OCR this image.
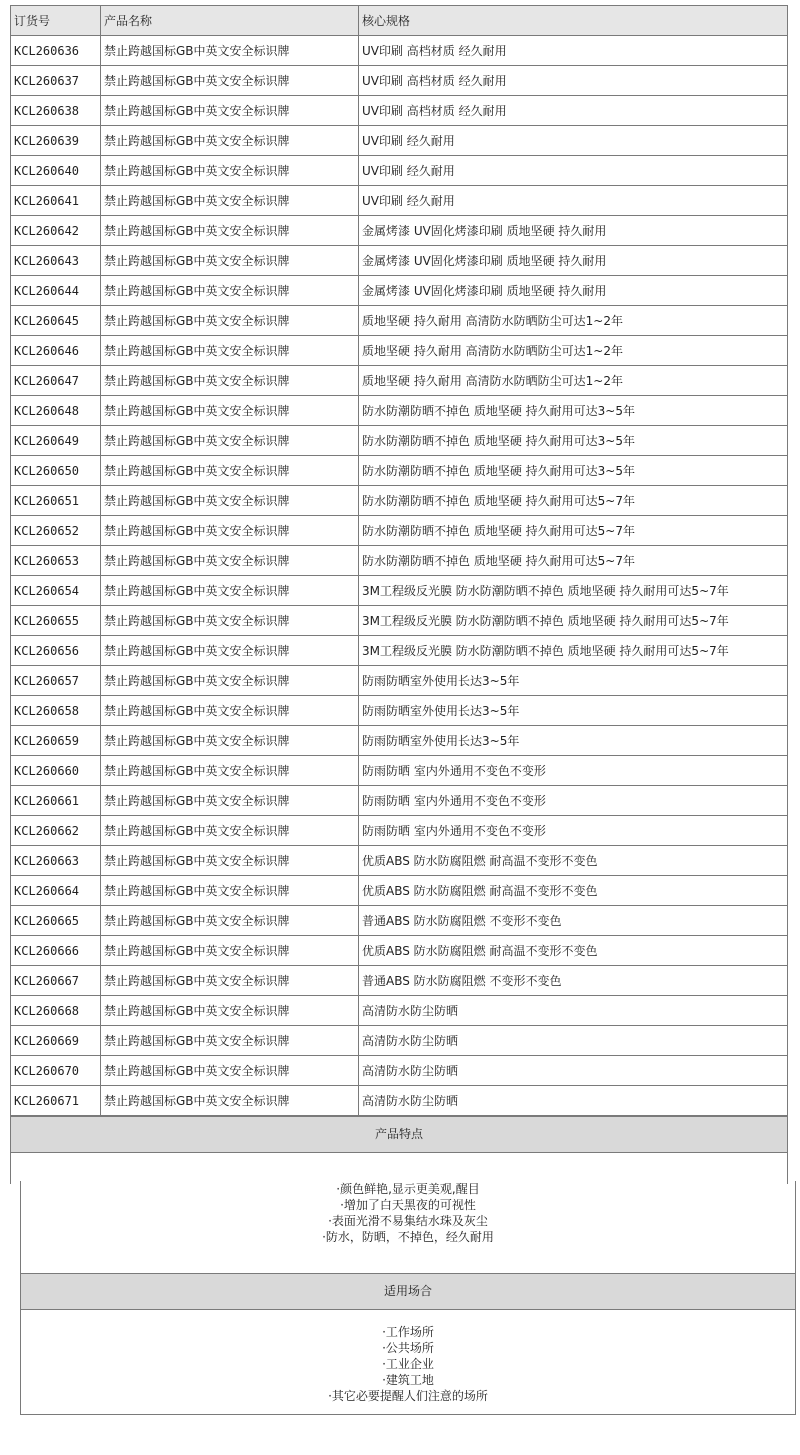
订货号	产品名称	核心规格
KCL260636	禁止跨越国标GB中英文安全标识牌	UV印刷 高档材质 经久耐用
KCL260637	禁止跨越国标GB中英文安全标识牌	UV印刷 高档材质 经久耐用
KCL260638	禁止跨越国标GB中英文安全标识牌	UV印刷 高档材质 经久耐用
KCL260639	禁止跨越国标GB中英文安全标识牌	UV印刷 经久耐用
KCL260640	禁止跨越国标GB中英文安全标识牌	UV印刷 经久耐用
KCL260641	禁止跨越国标GB中英文安全标识牌	UV印刷 经久耐用
KCL260642	禁止跨越国标GB中英文安全标识牌	金属烤漆 UV固化烤漆印刷 质地坚硬 持久耐用
KCL260643	禁止跨越国标GB中英文安全标识牌	金属烤漆 UV固化烤漆印刷 质地坚硬 持久耐用
KCL260644	禁止跨越国标GB中英文安全标识牌	金属烤漆 UV固化烤漆印刷 质地坚硬 持久耐用
KCL260645	禁止跨越国标GB中英文安全标识牌	质地坚硬 持久耐用 高清防水防晒防尘可达1~2年
KCL260646	禁止跨越国标GB中英文安全标识牌	质地坚硬 持久耐用 高清防水防晒防尘可达1~2年
KCL260647	禁止跨越国标GB中英文安全标识牌	质地坚硬 持久耐用 高清防水防晒防尘可达1~2年
KCL260648	禁止跨越国标GB中英文安全标识牌	防水防潮防晒不掉色 质地坚硬 持久耐用可达3~5年
KCL260649	禁止跨越国标GB中英文安全标识牌	防水防潮防晒不掉色 质地坚硬 持久耐用可达3~5年
KCL260650	禁止跨越国标GB中英文安全标识牌	防水防潮防晒不掉色 质地坚硬 持久耐用可达3~5年
KCL260651	禁止跨越国标GB中英文安全标识牌	防水防潮防晒不掉色 质地坚硬 持久耐用可达5~7年
KCL260652	禁止跨越国标GB中英文安全标识牌	防水防潮防晒不掉色 质地坚硬 持久耐用可达5~7年
KCL260653	禁止跨越国标GB中英文安全标识牌	防水防潮防晒不掉色 质地坚硬 持久耐用可达5~7年
KCL260654	禁止跨越国标GB中英文安全标识牌	3M工程级反光膜 防水防潮防晒不掉色 质地坚硬 持久耐用可达5~7年
KCL260655	禁止跨越国标GB中英文安全标识牌	3M工程级反光膜 防水防潮防晒不掉色 质地坚硬 持久耐用可达5~7年
KCL260656	禁止跨越国标GB中英文安全标识牌	3M工程级反光膜 防水防潮防晒不掉色 质地坚硬 持久耐用可达5~7年
KCL260657	禁止跨越国标GB中英文安全标识牌	防雨防晒室外使用长达3~5年
KCL260658	禁止跨越国标GB中英文安全标识牌	防雨防晒室外使用长达3~5年
KCL260659	禁止跨越国标GB中英文安全标识牌	防雨防晒室外使用长达3~5年
KCL260660	禁止跨越国标GB中英文安全标识牌	防雨防晒 室内外通用不变色不变形
KCL260661	禁止跨越国标GB中英文安全标识牌	防雨防晒 室内外通用不变色不变形
KCL260662	禁止跨越国标GB中英文安全标识牌	防雨防晒 室内外通用不变色不变形
KCL260663	禁止跨越国标GB中英文安全标识牌	优质ABS 防水防腐阻燃 耐高温不变形不变色
KCL260664	禁止跨越国标GB中英文安全标识牌	优质ABS 防水防腐阻燃 耐高温不变形不变色
KCL260665	禁止跨越国标GB中英文安全标识牌	普通ABS 防水防腐阻燃 不变形不变色
KCL260666	禁止跨越国标GB中英文安全标识牌	优质ABS 防水防腐阻燃 耐高温不变形不变色
KCL260667	禁止跨越国标GB中英文安全标识牌	普通ABS 防水防腐阻燃 不变形不变色
KCL260668	禁止跨越国标GB中英文安全标识牌	高清防水防尘防晒
KCL260669	禁止跨越国标GB中英文安全标识牌	高清防水防尘防晒
KCL260670	禁止跨越国标GB中英文安全标识牌	高清防水防尘防晒
KCL260671	禁止跨越国标GB中英文安全标识牌	高清防水防尘防晒
产品特点
·颜色鲜艳,显示更美观,醒目
·增加了白天黑夜的可视性
·表面光滑不易集结水珠及灰尘
·防水，防晒，不掉色，经久耐用
适用场合
·工作场所
·公共场所
·工业企业
·建筑工地
·其它必要提醒人们注意的场所
